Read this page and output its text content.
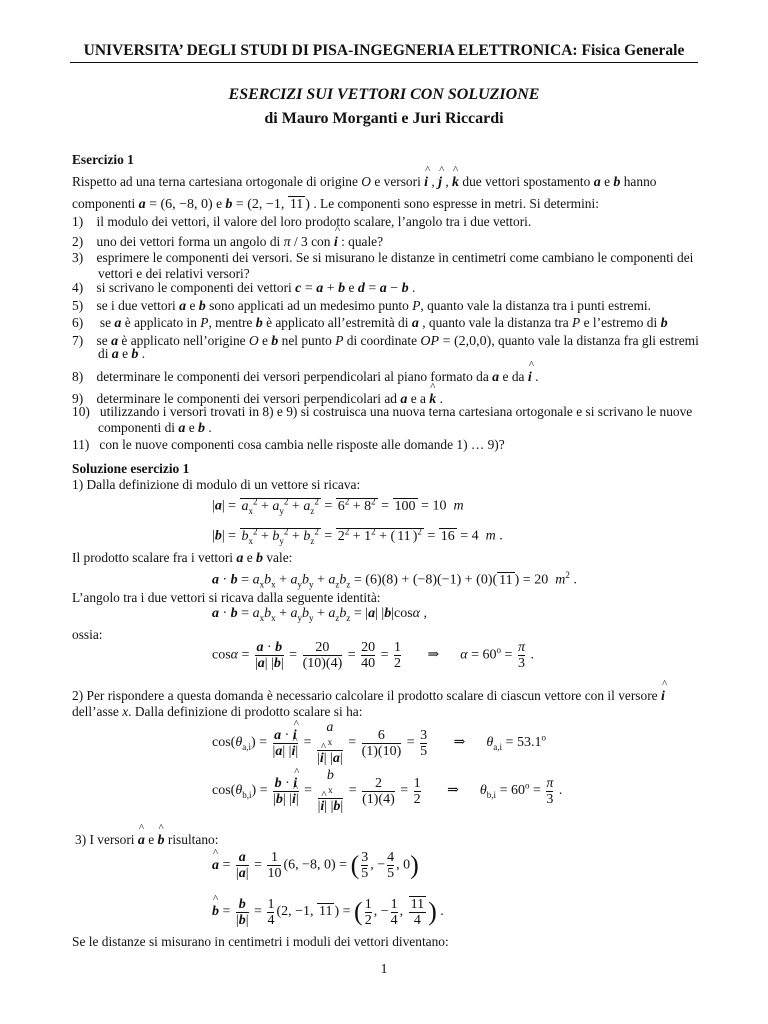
UNIVERSITA’ DEGLI STUDI DI PISA-INGEGNERIA ELETTRONICA: Fisica Generale
ESERCIZI SUI VETTORI CON SOLUZIONE
di Mauro Morganti e Juri Riccardi
Esercizio 1
Rispetto ad una terna cartesiana ortogonale di origine O e versori ^ i , ^ j , ^ k due vettori spostamento a e b hanno
componenti a = (6, −8, 0) e b = (2, −1, 11 ) . Le componenti sono espresse in metri. Si determini:
1)    il modulo dei vettori, il valore del loro prodotto scalare, l’angolo tra i due vettori.
2)    uno dei vettori forma un angolo di π / 3 con ^ i : quale?
3)    esprimere le componenti dei versori. Se si misurano le distanze in centimetri come cambiano le componenti dei
vettori e dei relativi versori?
4)    si scrivano le componenti dei vettori c = a + b e d = a − b .
5)    se i due vettori a e b sono applicati ad un medesimo punto P, quanto vale la distanza tra i punti estremi.
6)     se a è applicato in P, mentre b è applicato all’estremità di a , quanto vale la distanza tra P e l’estremo di b
7)    se a è applicato nell’origine O e b nel punto P di coordinate OP = (2,0,0), quanto vale la distanza fra gli estremi
di a e b .
8)    determinare le componenti dei versori perpendicolari al piano formato da a e da ^ i .
9)    determinare le componenti dei versori perpendicolari ad a e a ^ k .
10)   utilizzando i versori trovati in 8) e 9) si costruisca una nuova terna cartesiana ortogonale e si scrivano le nuove
componenti di a e b .
11)   con le nuove componenti cosa cambia nelle risposte alle domande 1) … 9)?
Soluzione esercizio 1
1) Dalla definizione di modulo di un vettore si ricava:
$|a| = a_x^2 + a_y^2 + a_z^2 = 6^2 + 8^2 = 100 = 10$ m
$|b| = b_x^2 + b_y^2 + b_z^2 = 2^2 + 1^2$ + ( 11 )$^2$ = 16 = 4 m .
Il prodotto scalare fra i vettori a e b vale:
$a \cdot b = a_xb_x + a_yb_y + a_zb_z = (6)(8) + (-8)(-1) + (0)$( 11 ) = 20 $m^2$ .
L’angolo tra i due vettori si ricava dalla seguente identità:
$a \cdot b = a_xb_x + a_yb_y + a_zb_z = |a|$ |b|cosα ,
ossia:
$\cos\alpha = \frac{a \cdot b}{|a| |b|} = \frac{20}{(10)(4)} = \frac{20}{40} = \frac{1}{2}$ ⇒      $\alpha = 60^o = \frac{\pi}{3}$ .
2) Per rispondere a questa domanda è necessario calcolare il prodotto scalare di ciascun vettore con il versore ^ i
dell’asse x. Dalla definizione di prodotto scalare si ha:
$\cos(\theta_{a,i}) = \frac{a \cdot \^{} i}{|a| |\^{} i|} = a$
x
|^ i| $|a| = \frac{6}{(1)(10)} = \frac{3}{5}$ ⇒      $\theta_{a,i} = 53.1^o$
$\cos(\theta_{b,i}) = \frac{b \cdot \^{} i}{|b| |\^{} i|} = b$
x
|^ i| $|b| = \frac{2}{(1)(4)} = \frac{1}{2}$ ⇒      $\theta_{b,i} = 60^o = \frac{\pi}{3}$ .
3) I versori ^ a e ^ b risultano:
^ $a = \frac{a}{|a|} = \frac{1}{10} (6$, −8, 0) = ( $\frac{3}{5}$ , − $\frac{4}{5}$ , 0)
^ $b = \frac{b}{|b|} = \frac{1}{4} (2$, −1, 11 ) = ( $\frac{1}{2}$ , − $\frac{1}{4}$ , $\frac{11}{4}$ ) .
Se le distanze si misurano in centimetri i moduli dei vettori diventano:
1
